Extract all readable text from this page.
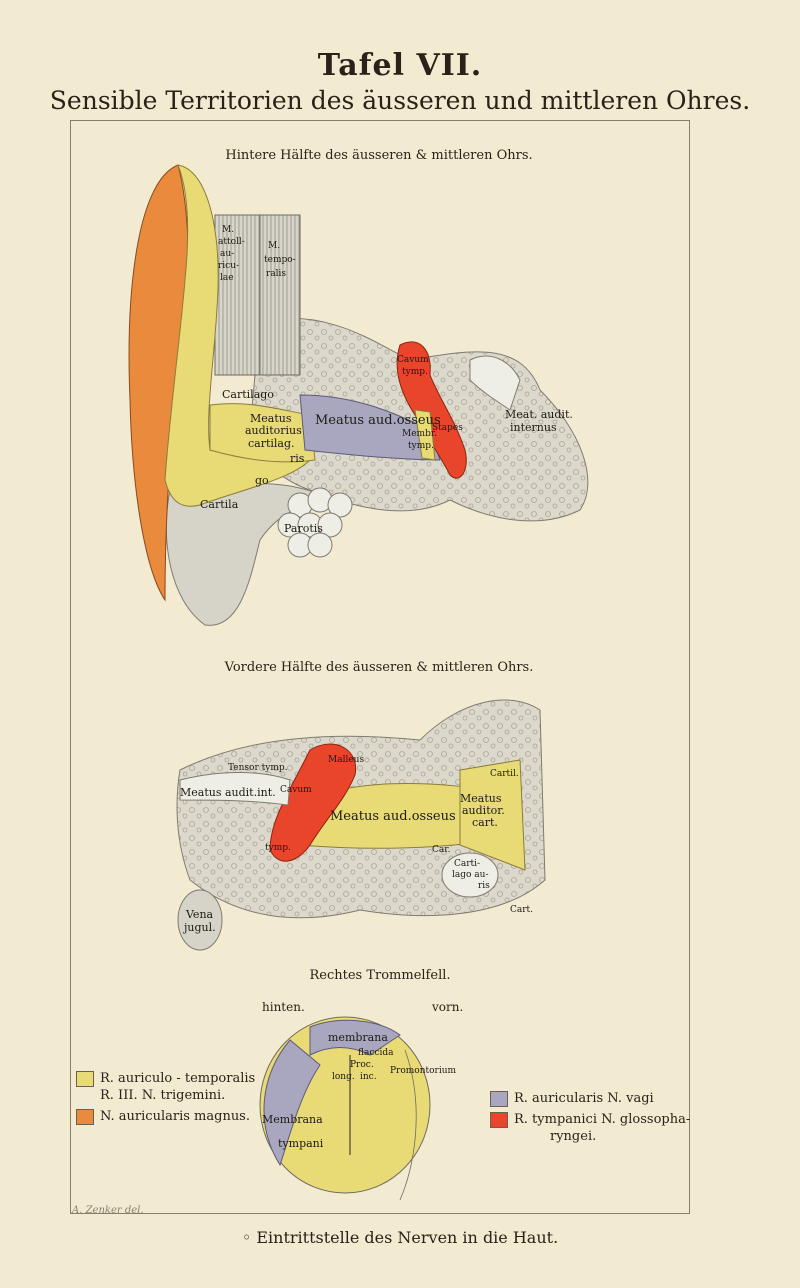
Tafel VII.
Sensible Territorien des äusseren und mittleren Ohres.
Hintere Hälfte des äusseren & mittleren Ohrs.
M.
attoll-
au-
ricu-
lae
M.
tempo-
ralis
Cartilago
Meatus
auditorius
cartilag.
Meatus aud.osseus
Cavum
tymp.
Membr.
tymp.
Stapes
Meat. audit.
internus
Cartila
ris
go
Parotis
Vordere Hälfte des äusseren & mittleren Ohrs.
Tensor tymp.
Malleus
Meatus audit.int. Cavum
tymp.
Meatus aud.osseus
Cartil.
Meatus
auditor.
cart.
Car.
Carti-
lago au-
ris
Cart.
Vena
jugul.
Rechtes Trommelfell.
hinten.	vorn.
membrana
flaccida
Proc.
long. inc.
Promontorium
Membrana
tympani
R. auriculo - temporalis
R. III. N. trigemini.
N. auricularis magnus.
R. auricularis N. vagi
R. tympanici N. glossopha-
ryngei.
A. Zenker del.
◦ Eintrittstelle des Nerven in die Haut.
